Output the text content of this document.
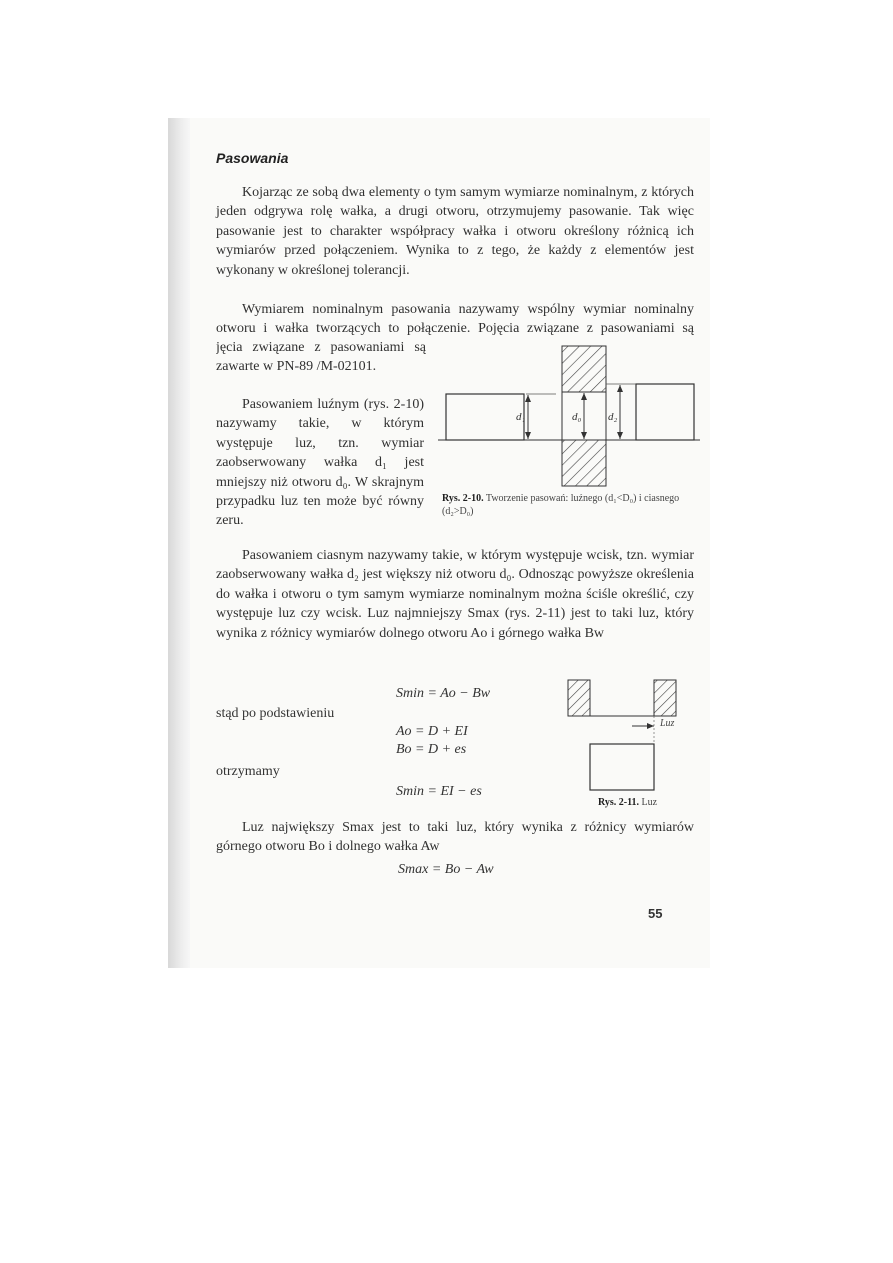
Pasowania

Kojarząc ze sobą dwa elementy o tym samym wymiarze nominalnym, z których jeden odgrywa rolę wałka, a drugi otworu, otrzymujemy pasowanie. Tak więc pasowanie jest to charakter współpracy wałka i otworu określony różnicą ich wymiarów przed połączeniem. Wynika to z tego, że każdy z elementów jest wykonany w określonej tolerancji.

Wymiarem nominalnym pasowania nazywamy wspólny wymiar nominalny otworu i wałka tworzących to połączenie. Pojęcia związane z pasowaniami są

jęcia związane z pasowaniami są zawarte w PN-89 /M-02101.

Pasowaniem luźnym (rys. 2-10) nazywamy takie, w którym występuje luz, tzn. wymiar zaobserwowany wałka d₁ jest mniejszy niż otworu d₀. W skrajnym przypadku luz ten może być równy zeru.

d₁	d₀ d₂
Rys. 2-10. Tworzenie pasowań: luźnego (d₁<D₀) i ciasnego (d₂>D₀)

Pasowaniem ciasnym nazywamy takie, w którym występuje wcisk, tzn. wymiar zaobserwowany wałka d₂ jest większy niż otworu d₀. Odnosząc powyższe określenia do wałka i otworu o tym samym wymiarze nominalnym można ściśle określić, czy występuje luz czy wcisk. Luz najmniejszy Smax (rys. 2-11) jest to taki luz, który wynika z różnicy wymiarów dolnego otworu Ao i górnego wałka Bw

Smin = Ao − Bw
stąd po podstawieniu
Ao = D + EI
Bo = D + es
otrzymamy
Smin = EI − es
Luz
Rys. 2-11. Luz

Luz największy Smax jest to taki luz, który wynika z różnicy wymiarów górnego otworu Bo i dolnego wałka Aw

Smax = Bo − Aw
55
